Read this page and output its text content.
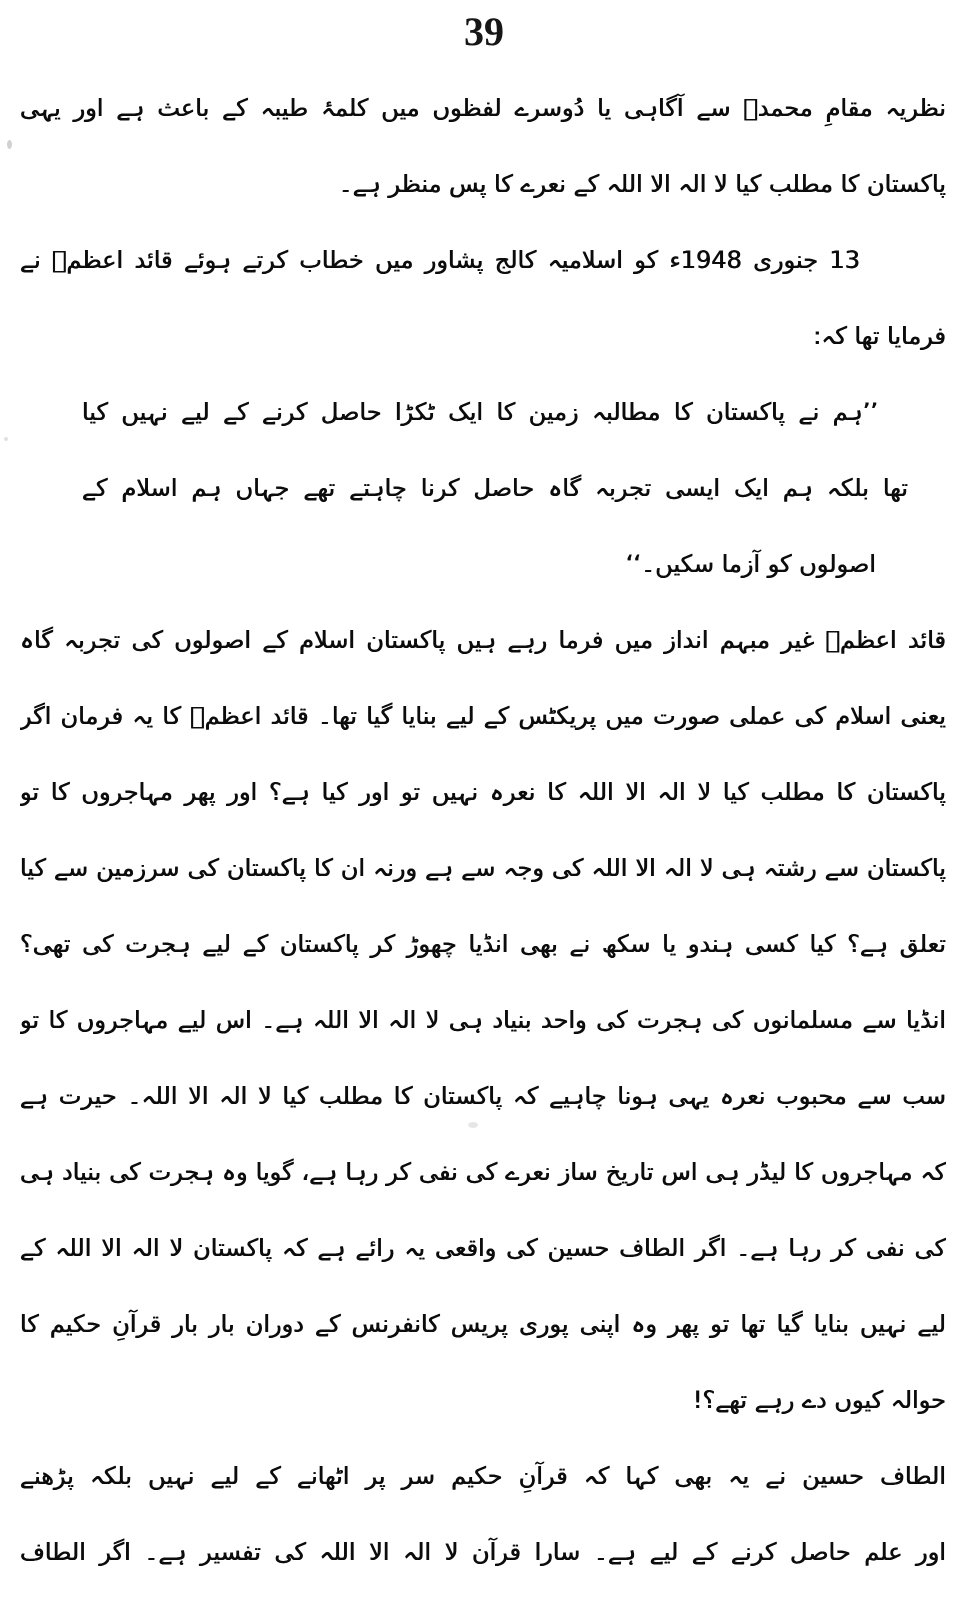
39
نظریہ مقامِ محمدؐ سے آگاہی یا دُوسرے لفظوں میں کلمۂ طیبہ کے باعث ہے اور یہی
پاکستان کا مطلب کیا لا الہ الا اللہ کے نعرے کا پس منظر ہے۔
13 جنوری 1948ء کو اسلامیہ کالج پشاور میں خطاب کرتے ہوئے قائد اعظمؒ نے
فرمایا تھا کہ:
’’ہم نے پاکستان کا مطالبہ زمین کا ایک ٹکڑا حاصل کرنے کے لیے نہیں کیا
تھا بلکہ ہم ایک ایسی تجربہ گاہ حاصل کرنا چاہتے تھے جہاں ہم اسلام کے
اصولوں کو آزما سکیں۔‘‘
قائد اعظمؒ غیر مبہم انداز میں فرما رہے ہیں پاکستان اسلام کے اصولوں کی تجربہ گاہ
یعنی اسلام کی عملی صورت میں پریکٹس کے لیے بنایا گیا تھا۔ قائد اعظمؒ کا یہ فرمان اگر
پاکستان کا مطلب کیا لا الہ الا اللہ کا نعرہ نہیں تو اور کیا ہے؟ اور پھر مہاجروں کا تو
پاکستان سے رشتہ ہی لا الہ الا اللہ کی وجہ سے ہے ورنہ ان کا پاکستان کی سرزمین سے کیا
تعلق ہے؟ کیا کسی ہندو یا سکھ نے بھی انڈیا چھوڑ کر پاکستان کے لیے ہجرت کی تھی؟
انڈیا سے مسلمانوں کی ہجرت کی واحد بنیاد ہی لا الہ الا اللہ ہے۔ اس لیے مہاجروں کا تو
سب سے محبوب نعرہ یہی ہونا چاہیے کہ پاکستان کا مطلب کیا لا الہ الا اللہ۔ حیرت ہے
کہ مہاجروں کا لیڈر ہی اس تاریخ ساز نعرے کی نفی کر رہا ہے، گویا وہ ہجرت کی بنیاد ہی
کی نفی کر رہا ہے۔ اگر الطاف حسین کی واقعی یہ رائے ہے کہ پاکستان لا الہ الا اللہ کے
لیے نہیں بنایا گیا تھا تو پھر وہ اپنی پوری پریس کانفرنس کے دوران بار بار قرآنِ حکیم کا
حوالہ کیوں دے رہے تھے؟!
الطاف حسین نے یہ بھی کہا کہ قرآنِ حکیم سر پر اٹھانے کے لیے نہیں بلکہ پڑھنے
اور علم حاصل کرنے کے لیے ہے۔ سارا قرآن لا الہ الا اللہ کی تفسیر ہے۔ اگر الطاف
